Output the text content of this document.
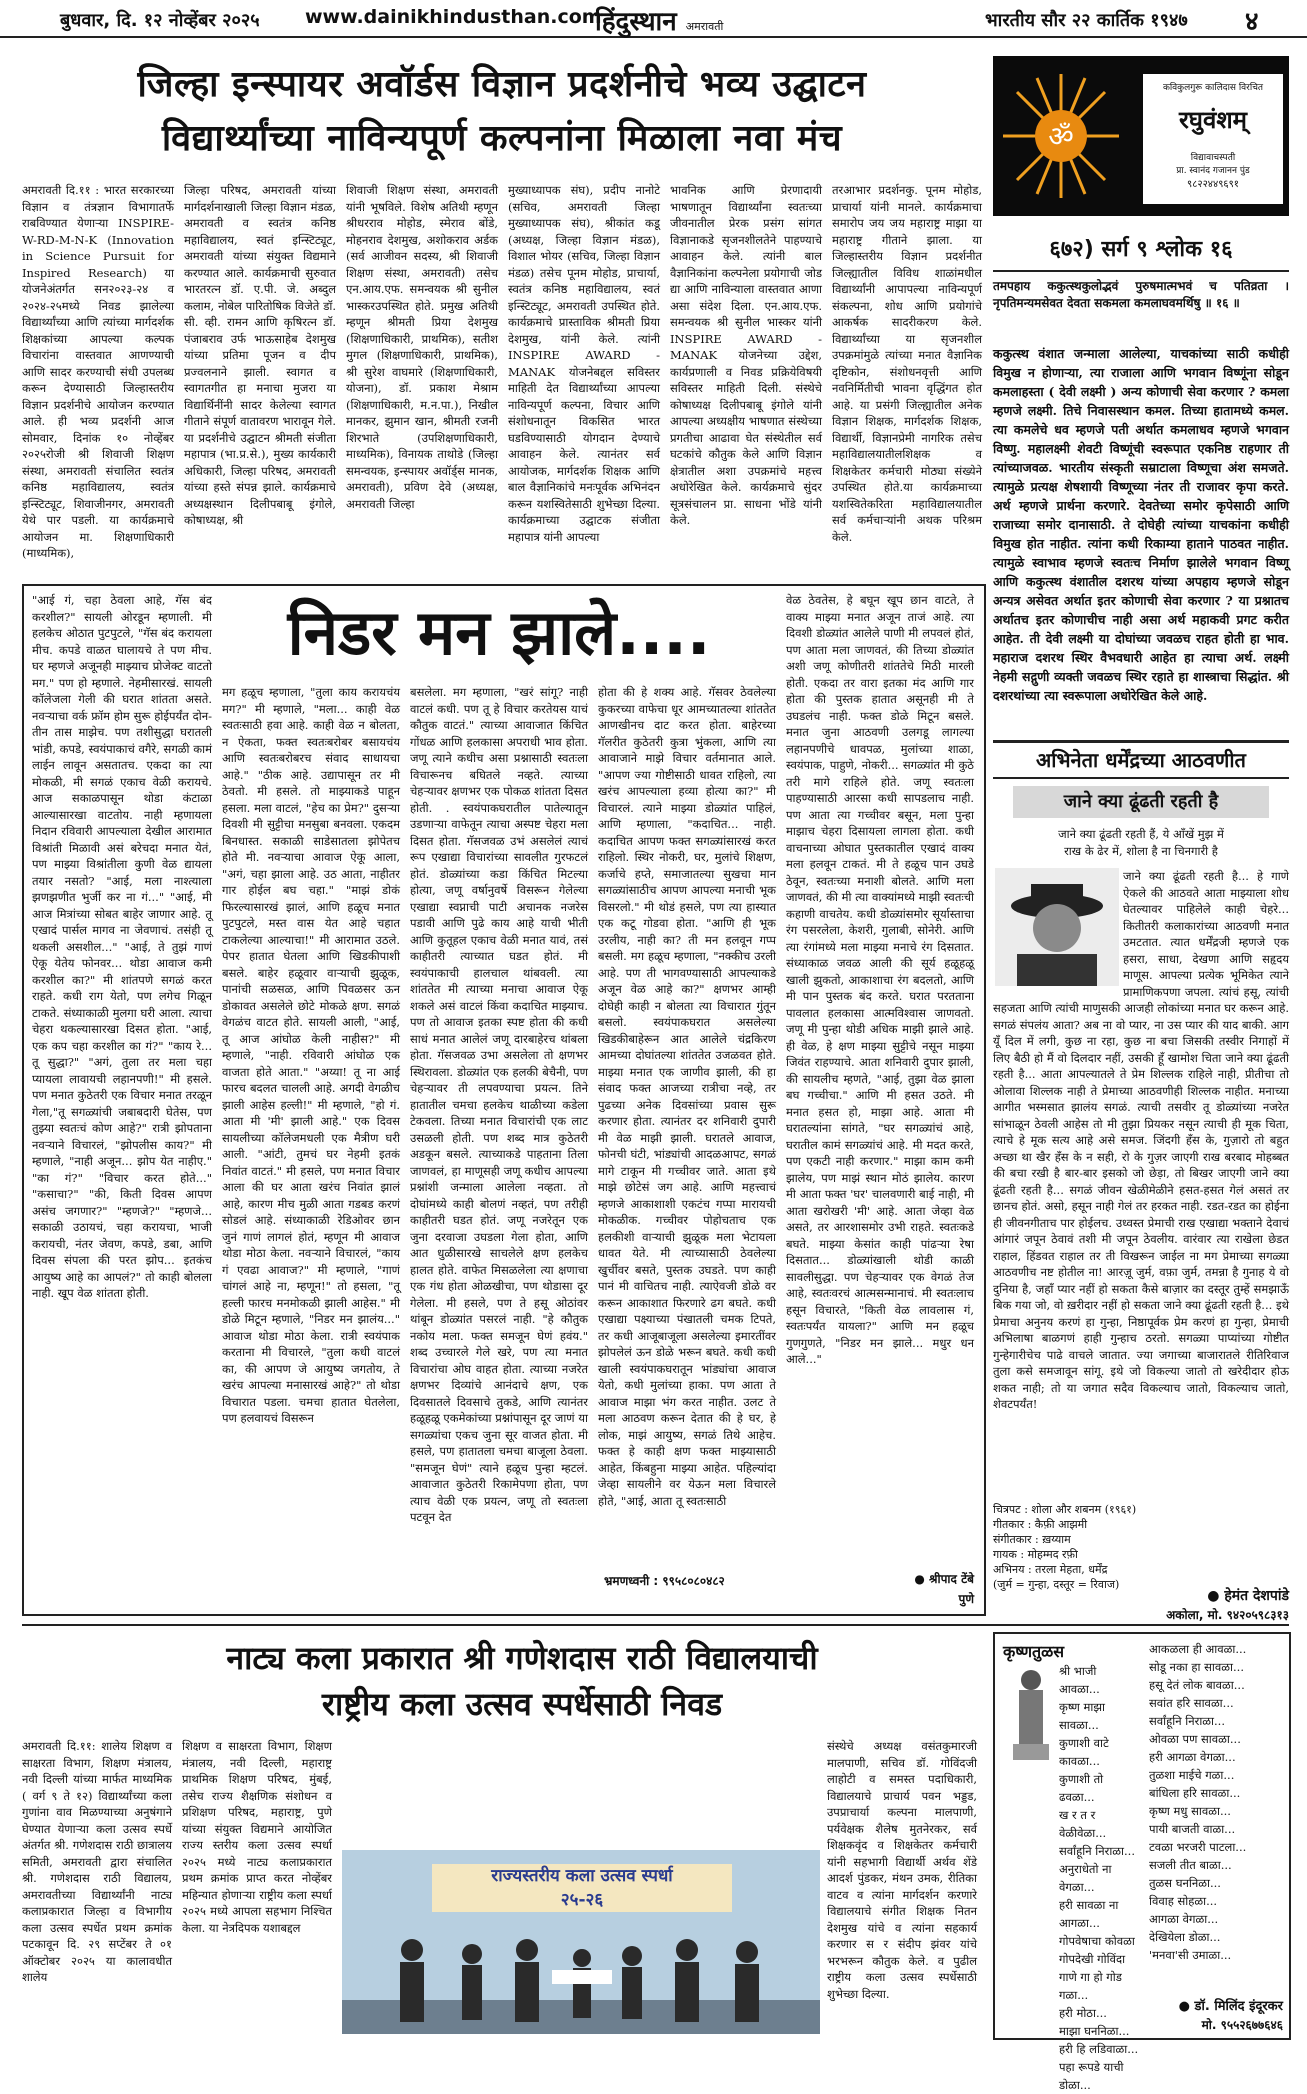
बुधवार, दि. १२ नोव्हेंबर २०२५ www.dainikhindusthan.com
हिंदुस्थान अमरावती	भारतीय सौर २२ कार्तिक १९४७ ४
जिल्हा इन्स्पायर अवॉर्डस विज्ञान प्रदर्शनीचे भव्य उद्घाटन
विद्यार्थ्यांच्या नाविन्यपूर्ण कल्पनांना मिळाला नवा मंच
अमरावती दि.११ : भारत सरकारच्या विज्ञान व तंत्रज्ञान विभागातर्फे राबविण्यात येणाऱ्या INSPIRE-W-RD-M-N-K (Innovation in Science Pursuit for Inspired Research) या योजनेअंतर्गत सन२०२३-२४ व २०२४-२५मध्ये निवड झालेल्या विद्यार्थ्यांच्या आणि त्यांच्या मार्गदर्शक शिक्षकांच्या आपल्या कल्पक विचारांना वास्तवात आणण्याची आणि सादर करण्याची संधी उपलब्ध करून देण्यासाठी जिल्हास्तरीय विज्ञान प्रदर्शनीचे आयोजन करण्यात आले. ही भव्य प्रदर्शनी आज सोमवार, दिनांक १० नोव्हेंबर २०२५रोजी श्री शिवाजी शिक्षण संस्था, अमरावती संचालित स्वतंत्र कनिष्ठ महाविद्यालय, स्वतंत्र इन्स्टिट्यूट, शिवाजीनगर, अमरावती येथे पार पडली. या कार्यक्रमाचे आयोजन मा. शिक्षणाधिकारी (माध्यमिक),
जिल्हा परिषद, अमरावती यांच्या मार्गदर्शनाखाली जिल्हा विज्ञान मंडळ, अमरावती व स्वतंत्र कनिष्ठ महाविद्यालय, स्वतं इन्स्टिट्यूट, अमरावती यांच्या संयुक्त विद्यमाने करण्यात आले. कार्यक्रमाची सुरुवात भारतरत्न डॉ. ए.पी. जे. अब्दुल कलाम, नोबेल पारितोषिक विजेते डॉ. सी. व्ही. रामन आणि कृषिरत्न डॉ. पंजाबराव उर्फ भाऊसाहेब देशमुख यांच्या प्रतिमा पूजन व दीप प्रज्वलनाने झाली. स्वागत व स्वागतगीत हा मनाचा मुजरा या विद्यार्थिनींनी सादर केलेल्या स्वागत गीताने संपूर्ण वातावरण भारावून गेले. या प्रदर्शनीचे उद्घाटन श्रीमती संजीता महापात्र (भा.प्र.से.), मुख्य कार्यकारी अधिकारी, जिल्हा परिषद, अमरावती यांच्या हस्ते संपन्न झाले. कार्यक्रमाचे अध्यक्षस्थान दिलीपबाबू इंगोले, कोषाध्यक्ष, श्री
शिवाजी शिक्षण संस्था, अमरावती यांनी भूषविले. विशेष अतिथी म्हणून श्रीधरराव मोहोड, स्मेराव बोंडे, मोहनराव देशमुख, अशोकराव अर्डक (सर्व आजीवन सदस्य, श्री शिवाजी शिक्षण संस्था, अमरावती) तसेच एन.आय.एफ. समन्वयक श्री सुनील भास्करउपस्थित होते. प्रमुख अतिथी म्हणून श्रीमती प्रिया देशमुख (शिक्षणाधिकारी, प्राथमिक), सतीश मुगल (शिक्षणाधिकारी, प्राथमिक), श्री सुरेश वाघमारे (शिक्षणाधिकारी, योजना), डॉ. प्रकाश मेश्राम (शिक्षणाधिकारी, म.न.पा.), निखील मानकर, झुमान खान, श्रीमती रजनी शिरभाते (उपशिक्षणाधिकारी, माध्यमिक), विनायक ताथोडे (जिल्हा समन्वयक, इन्स्पायर अवॉर्ड्स मानक, अमरावती), प्रविण देवे (अध्यक्ष, अमरावती जिल्हा
मुख्याध्यापक संघ), प्रदीप नानोटे (सचिव, अमरावती जिल्हा मुख्याध्यापक संघ), श्रीकांत कडू (अध्यक्ष, जिल्हा विज्ञान मंडळ), विशाल भोयर (सचिव, जिल्हा विज्ञान मंडळ) तसेच पूनम मोहोड, प्राचार्या, स्वतंत्र कनिष्ठ महाविद्यालय, स्वतं इन्स्टिट्यूट, अमरावती उपस्थित होते. कार्यक्रमाचे प्रास्ताविक श्रीमती प्रिया देशमुख, यांनी केले. त्यांनी INSPIRE AWARD - MANAK योजनेबद्दल सविस्तर माहिती देत विद्यार्थ्यांच्या आपल्या नाविन्यपूर्ण कल्पना, विचार आणि संशोधनातून विकसित भारत घडविण्यासाठी योगदान देण्याचे आवाहन केले. त्यानंतर सर्व आयोजक, मार्गदर्शक शिक्षक आणि बाल वैज्ञानिकांचे मनःपूर्वक अभिनंदन करून यशस्वितेसाठी शुभेच्छा दिल्या. कार्यक्रमाच्या उद्घाटक संजीता महापात्र यांनी आपल्या
भावनिक आणि प्रेरणादायी भाषणातून विद्यार्थ्यांना स्वतःच्या जीवनातील प्रेरक प्रसंग सांगत विज्ञानाकडे सृजनशीलतेने पाहण्याचे आवाहन केले. त्यांनी बाल वैज्ञानिकांना कल्पनेला प्रयोगाची जोड द्या आणि नाविन्याला वास्तवात आणा असा संदेश दिला. एन.आय.एफ. समन्वयक श्री सुनील भास्कर यांनी INSPIRE AWARD - MANAK योजनेच्या उद्देश, कार्यप्रणाली व निवड प्रक्रियेविषयी सविस्तर माहिती दिली. संस्थेचे कोषाध्यक्ष दिलीपबाबू इंगोले यांनी आपल्या अध्यक्षीय भाषणात संस्थेच्या प्रगतीचा आढावा घेत संस्थेतील सर्व घटकांचे कौतुक केले आणि विज्ञान क्षेत्रातील अशा उपक्रमांचे महत्त्व अधोरेखित केले. कार्यक्रमाचे सुंदर सूत्रसंचालन प्रा. साधना भोंडे यांनी केले.
तरआभार प्रदर्शनकु. पूनम मोहोड, प्राचार्या यांनी मानले. कार्यक्रमाचा समारोप जय जय महाराष्ट्र माझा या महाराष्ट्र गीताने झाला. या जिल्हास्तरीय विज्ञान प्रदर्शनीत जिल्ह्यातील विविध शाळांमधील विद्यार्थ्यांनी आपापल्या नाविन्यपूर्ण संकल्पना, शोध आणि प्रयोगांचे आकर्षक सादरीकरण केले. विद्यार्थ्यांच्या या सृजनशील उपक्रमांमुळे त्यांच्या मनात वैज्ञानिक दृष्टिकोन, संशोधनवृत्ती आणि नवनिर्मितीची भावना वृद्धिंगत होत आहे. या प्रसंगी जिल्ह्यातील अनेक विज्ञान शिक्षक, मार्गदर्शक शिक्षक, विद्यार्थी, विज्ञानप्रेमी नागरिक तसेच महाविद्यालयातीलशिक्षक व शिक्षकेतर कर्मचारी मोठ्या संख्येने उपस्थित होते.या कार्यक्रमाच्या यशस्वितेकरिता महाविद्यालयातील सर्व कर्मचाऱ्यांनी अथक परिश्रम केले.
ॐ
कविकुलगुरू कालिदास विरचित
रघुवंशम्
विद्यावाचस्पती
प्रा. स्वानंद गजानन पुंड
९८२२४४९६९१
६७२) सर्ग ९ श्लोक १६
तमपहाय ककुत्स्थकुलोद्भवं पुरुषमात्मभवं च पतिव्रता । नृपतिमन्यमसेवत देवता सकमला कमलाघवमर्थिषु ॥ १६ ॥
ककुत्स्थ वंशात जन्माला आलेल्या, याचकांच्या साठी कधीही विमुख न होणाऱ्या, त्या राजाला आणि भगवान विष्णूंना सोडून कमलाहस्ता ( देवी लक्ष्मी ) अन्य कोणाची सेवा करणार ? कमला म्हणजे लक्ष्मी. तिचे निवासस्थान कमल. तिच्या हातामध्ये कमल. त्या कमलेचे धव म्हणजे पती अर्थात कमलाधव म्हणजे भगवान विष्णु. महालक्ष्मी शेवटी विष्णूंची स्वरूपात एकनिष्ठ राहणार ती त्यांच्याजवळ. भारतीय संस्कृती सम्राटाला विष्णूचा अंश समजते. त्यामुळे प्रत्यक्ष शेषशायी विष्णूच्या नंतर ती राजावर कृपा करते. अर्थ म्हणजे प्रार्थना करणारे. देवतेच्या समोर कृपेसाठी आणि राजाच्या समोर दानासाठी. ते दोघेही त्यांच्या याचकांना कधीही विमुख होत नाहीत. त्यांना कधी रिकाम्या हाताने पाठवत नाहीत. त्यामुळे स्वाभाव म्हणजे स्वतःच निर्माण झालेले भगवान विष्णू आणि ककुत्स्थ वंशातील दशरथ यांच्या अपहाय म्हणजे सोडून अन्यत्र असेवत अर्थात इतर कोणाची सेवा करणार ? या प्रश्नातच अर्थातच इतर कोणाचीच नाही असा अर्थ महाकवी प्रगट करीत आहेत. ती देवी लक्ष्मी या दोघांच्या जवळच राहत होती हा भाव. महाराज दशरथ स्थिर वैभवधारी आहेत हा त्याचा अर्थ. लक्ष्मी नेहमी सद्गुणी व्यक्ती जवळच स्थिर रहाते हा शास्त्राचा सिद्धांत. श्री दशरथांच्या त्या स्वरूपाला अधोरेखित केले आहे.
निडर मन झाले....
"आई गं, चहा ठेवला आहे, गॅस बंद करशील?" सायली ओरडून म्हणाली. मी हलकेच ओठात पुटपुटले, "गॅस बंद करायला मीच. कपडे वाळत घालायचे ते पण मीच. घर म्हणजे अजूनही माझ्याच प्रोजेक्ट वाटतो मग." पण हो म्हणाले. नेहमीसारखं. सायली कॉलेजला गेली की घरात शांतता असते. नवऱ्याचा वर्क फ्रॉम होम सुरू होईपर्यंत दोन-तीन तास माझेच. पण तशीसुद्धा घरातली भांडी, कपडे, स्वयंपाकाचं वगैरे, सगळी कामं लाईन लावून असतातच. एकदा का त्या मोकळी, मी सगळं एकाच वेळी करायचे. आज सकाळपासून थोडा कंटाळा आल्यासारखा वाटतोय. नाही म्हणायला निदान रविवारी आपल्याला देखील आरामात विश्रांती मिळावी असं बरेचदा मनात येतं, पण माझ्या विश्रांतीला कुणी वेळ द्यायला तयार नसतो? "आई, मला नाश्त्याला झणझणीत भुर्जी कर ना गं..." "आई, मी आज मित्रांच्या सोबत बाहेर जाणार आहे. तू एखादं पार्सल मागव ना जेवणाचं. तसंही तू थकली असशील..." "आई, ते तुझं गाणं ऐकू येतेय फोनवर... थोडा आवाज कमी करशील का?" मी शांतपणे सगळं करत राहते. कधी राग येतो, पण लगेच गिळून टाकते. संध्याकाळी मुलगा घरी आला. त्याचा चेहरा थकल्यासारखा दिसत होता. "आई, एक कप चहा करशील का गं?" "काय रे... तू सुद्धा?" "अगं, तुला तर मला चहा प्यायला लावायची लहानपणी!" मी हसले. पण मनात कुठेतरी एक विचार मनात तरळून गेला,"तू सगळ्यांची जबाबदारी घेतेस, पण तुझ्या स्वतःचं कोण आहे?" रात्री झोपताना नवऱ्याने विचारलं, "झोपलीस काय?" मी म्हणाले, "नाही अजून... झोप येत नाहीए." "का गं?" "विचार करत होते..." "कसाचा?" "की, किती दिवस आपण असंच जगणार?" "म्हणजे?" "म्हणजे... सकाळी उठायचं, चहा करायचा, भाजी करायची, नंतर जेवण, कपडे, डबा, आणि दिवस संपला की परत झोप... इतकंच आयुष्य आहे का आपलं?" तो काही बोलला नाही. खूप वेळ शांतता होती.
मग हळूच म्हणाला, "तुला काय करायचंय मग?" मी म्हणाले, "मला... काही वेळ स्वतःसाठी हवा आहे. काही वेळ न बोलता, न ऐकता, फक्त स्वतःबरोबर बसायचंय आणि स्वतःबरोबरच संवाद साधायचा आहे." "ठीक आहे. उद्यापासून तर मी ठेवतो. मी हसले. तो माझ्याकडे पाहून हसला. मला वाटलं, "हेच का प्रेम?" दुसऱ्या दिवशी मी सुट्टीचा मनसुबा बनवला. एकदम बिनधास्त. सकाळी साडेसातला झोपेतच होते मी. नवऱ्याचा आवाज ऐकू आला, "अगं, चहा झाला आहे. उठ आता, नाहीतर गार होईल बघ चहा." "माझं डोकं फिरल्यासारखं झालं, आणि हळूच मनात पुटपुटले, मस्त वास येत आहे चहात टाकलेल्या आल्याचा!" मी आरामात उठले. पेपर हातात घेतला आणि खिडकीपाशी बसले. बाहेर हळूवार वाऱ्याची झुळूक, पानांची सळसळ, आणि पिवळसर ऊन डोकावत असलेले छोटे मोकळे क्षण. सगळं वेगळंच वाटत होते. सायली आली, "आई, तू आज आंघोळ केली नाहीस?" मी म्हणाले, "नाही. रविवारी आंघोळ एक वाजता होते आता." "अय्या! तू ना आई फारच बदलत चालली आहे. अगदी वेगळीच झाली आहेस हल्ली!" मी म्हणाले, "हो गं. आता मी 'मी' झाली आहे." एक दिवस सायलीच्या कॉलेजमधली एक मैत्रीण घरी आली. "आंटी, तुमचं घर नेहमी इतकं निवांत वाटतं." मी हसले, पण मनात विचार आला की घर आता खरंच निवांत झालं आहे, कारण मीच मुळी आता गडबड करणं सोडलं आहे. संध्याकाळी रेडिओवर छान जुनं गाणं लागलं होतं, म्हणून मी आवाज थोडा मोठा केला. नवऱ्याने विचारलं, "काय गं एवढा आवाज?" मी म्हणाले, "गाणं चांगलं आहे ना, म्हणून!" तो हसला, "तू हल्ली फारच मनमोकळी झाली आहेस." मी डोळे मिटून म्हणाले, "निडर मन झालंय..." आवाज थोडा मोठा केला. रात्री स्वयंपाक करताना मी विचारले, "तुला कधी वाटलं का, की आपण जे आयुष्य जगतोय, ते खरंच आपल्या मनासारखं आहे?" तो थोडा विचारात पडला. चमचा हातात घेतलेला, पण हलवायचं विसरून
बसलेला. मग म्हणाला, "खरं सांगू? नाही वाटलं कधी. पण तू हे विचार करतेयस याचं कौतुक वाटतं." त्याच्या आवाजात किंचित गोंधळ आणि हलकासा अपराधी भाव होता. जणू त्याने कधीच असा प्रश्नासाठी स्वतःला विचारूनच बघितले नव्हते. त्याच्या चेहऱ्यावर क्षणभर एक पोकळ शांतता दिसत होती. . स्वयंपाकघरातील पातेल्यातून उडणाऱ्या वाफेतून त्याचा अस्पष्ट चेहरा मला दिसत होता. गॅसजवळ उभं असलेलं त्याचं रूप एखाद्या विचारांच्या सावलीत गुरफटलं होतं. डोळ्यांच्या कडा किंचित मिटल्या होत्या, जणू वर्षानुवर्षे विसरून गेलेल्या एखाद्या स्वप्नाची पाटी अचानक नजरेस पडावी आणि पुढे काय आहे याची भीती आणि कुतूहल एकाच वेळी मनात यावं, तसं काहीतरी त्याच्यात घडत होतं. मी स्वयंपाकाची हालचाल थांबवली. त्या शांततेत मी त्याच्या मनाचा आवाज ऐकू शकले असं वाटलं किंवा कदाचित माझ्याच. पण तो आवाज इतका स्पष्ट होता की कधी साधं मनात आलेलं जणू दारबाहेरच थांबला होता. गॅसजवळ उभा असलेला तो क्षणभर स्थिरावला. डोळ्यांत एक हलकी बेचैनी, पण चेहऱ्यावर ती लपवण्याचा प्रयत्न. तिने हातातील चमचा हलकेच थाळीच्या कडेला टेकवला. तिच्या मनात विचारांची एक लाट उसळली होती. पण शब्द मात्र कुठेतरी अडकून बसले. त्याच्याकडे पाहताना तिला जाणवलं, हा माणूसही जणू कधीच आपल्या प्रश्नांशी जन्माला आलेला नव्हता. तो दोघांमध्ये काही बोलणं नव्हतं, पण तरीही काहीतरी घडत होतं. जणू नजरेतून एक जुना दरवाजा उघडला गेला होता, आणि आत धुळीसारखे साचलेले क्षण हलकेच हालत होते. वाफेत मिसळलेला त्या क्षणाचा एक गंध होता ओळखीचा, पण थोडासा दूर गेलेला. मी हसले, पण ते हसू ओठांवर थांबून डोळ्यांत पसरलं नाही. "हे कौतुक नकोय मला. फक्त समजून घेणं हवंय." शब्द उच्चारले गेले खरे, पण त्या मनात विचारांचा ओघ वाहत होता. त्याच्या नजरेत क्षणभर दिव्यांचे आनंदाचे क्षण, एक दिवसातले दिवसाचे तुकडे, आणि त्यानंतर हळूहळू एकमेकांच्या प्रश्नांपासून दूर जाणं या सगळ्यांचा एकच जुना सूर वाजत होता. मी हसले, पण हातातला चमचा बाजूला ठेवला. "समजून घेणं" त्याने हळूच पुन्हा म्हटलं. आवाजात कुठेतरी रिकामेपणा होता, पण त्याच वेळी एक प्रयत्न, जणू तो स्वतःला पटवून देत
होता की हे शक्य आहे. गॅसवर ठेवलेल्या कुकरच्या वाफेचा धूर आमच्यातल्या शांततेत आणखीनच दाट करत होता. बाहेरच्या गॅलरीत कुठेतरी कुत्रा भुंकला, आणि त्या आवाजाने माझे विचार वर्तमानात आले. "आपण ज्या गोष्टीसाठी धावत राहिलो, त्या खरंच आपल्याला हव्या होत्या का?" मी विचारलं. त्याने माझ्या डोळ्यांत पाहिलं, आणि म्हणाला, "कदाचित... नाही. कदाचित आपण फक्त सगळ्यांसारखं करत राहिलो. स्थिर नोकरी, घर, मुलांचे शिक्षण, कर्जाचे हप्ते, समाजातल्या सुखचा मान सगळ्यांसाठीच आपण आपल्या मनाची भूक विसरलो." मी थोडं हसले, पण त्या हास्यात एक कटू गोडवा होता. "आणि ही भूक उरलीय, नाही का? ती मन हलवून गप्प बसली. मग हळूच म्हणाला, "नक्कीच उरली आहे. पण ती भागवण्यासाठी आपल्याकडे अजून वेळ आहे का?" क्षणभर आम्ही दोघेही काही न बोलता त्या विचारात गुंतून बसलो. स्वयंपाकघरात असलेल्या खिडकीबाहेरून आत आलेले चंद्रकिरण आमच्या दोघांतल्या शांततेत उजळवत होते. माझ्या मनात एक जाणीव झाली, की हा संवाद फक्त आजच्या रात्रीचा नव्हे, तर पुढच्या अनेक दिवसांच्या प्रवास सुरू करणार होता. त्यानंतर दर शनिवारी दुपारी मी वेळ माझी झाली. घरातले आवाज, फोनची घंटी, भांड्यांची आदळआपट, सगळं मागे टाकून मी गच्चीवर जाते. आता इथे माझे छोटेसं जग आहे. आणि महत्त्वाचं म्हणजे आकाशाशी एकटंच गप्पा मारायची मोकळीक. गच्चीवर पोहोचताच एक हलकीशी वाऱ्याची झुळूक मला भेटायला धावत येते. मी त्याच्यासाठी ठेवलेल्या खुर्चीवर बसते, पुस्तक उघडते. पण काही पानं मी वाचितच नाही. त्याऐवजी डोळे वर करून आकाशात फिरणारे ढग बघते. कधी एखाद्या पक्ष्याच्या पंखातली चमक टिपते, तर कधी आजूबाजूला असलेल्या इमारतींवर झोपलेलं ऊन डोळे भरून बघते. कधी कधी खाली स्वयंपाकघरातून भांड्यांचा आवाज येतो, कधी मुलांच्या हाका. पण आता ते आवाज माझा भंग करत नाहीत. उलट ते मला आठवण करून देतात की हे घर, हे लोक, माझं आयुष्य, सगळं तिथे आहेच. फक्त हे काही क्षण फक्त माझ्यासाठी आहेत, किंबहुना माझ्या आहेत. पहिल्यांदा जेव्हा सायलीने वर येऊन मला विचारले होते, "आई, आता तू स्वतःसाठी
वेळ ठेवतेस, हे बघून खूप छान वाटते, ते वाक्य माझ्या मनात अजून ताजं आहे. त्या दिवशी डोळ्यांत आलेले पाणी मी लपवलं होतं, पण आता मला जाणवतं, की तिच्या डोळ्यांत अशी जणू कोणीतरी शांततेचे मिठी मारली होती. एकदा तर वारा इतका मंद आणि गार होता की पुस्तक हातात असूनही मी ते उघडलंच नाही. फक्त डोळे मिटून बसले. मनात जुना आठवणी उलगडू लागल्या लहानपणीचे धावपळ, मुलांच्या शाळा, स्वयंपाक, पाहुणे, नोकरी... सगळ्यांत मी कुठे तरी मागे राहिले होते. जणू स्वतःला पाहण्यासाठी आरसा कधी सापडलाच नाही. पण आता त्या गच्चीवर बसून, मला पुन्हा माझाच चेहरा दिसायला लागला होता. कधी वाचनाच्या ओघात पुस्तकातील एखादं वाक्य मला हलवून टाकतं. मी ते हळूच पान उघडे ठेवून, स्वतःच्या मनाशी बोलते. आणि मला जाणवतं, की मी त्या वाक्यांमध्ये माझी स्वतःची कहाणी वाचतेय. कधी डोळ्यांसमोर सूर्यास्ताचा रंग पसरलेला, केशरी, गुलाबी, सोनेरी. आणि त्या रंगांमध्ये मला माझ्या मनाचे रंग दिसतात. संध्याकाळ जवळ आली की सूर्य हळूहळू खाली झुकतो, आकाशाचा रंग बदलतो, आणि मी पान पुस्तक बंद करते. घरात परतताना पावलात हलकासा आत्मविश्वास जाणवतो. जणू मी पुन्हा थोडी अधिक माझी झाले आहे. ही वेळ, हे क्षण माझ्या सुट्टीचे नसून माझ्या जिवंत राहण्याचे. आता शनिवारी दुपार झाली, की सायलीच म्हणते, "आई, तुझा वेळ झाला बघ गच्चीचा." आणि मी हसत उठते. मी मनात हसत हो, माझा आहे. आता मी घरातल्यांना सांगते, "घर सगळ्यांचं आहे, घरातील कामं सगळ्यांचं आहे. मी मदत करते, पण एकटी नाही करणार." माझा काम कमी झालेय, पण माझं स्थान मोठं झालेय. कारण मी आता फक्त 'घर' चालवणारी बाई नाही, मी आता खरोखरी 'मी' आहे. आता जेव्हा वेळ असते, तर आरशासमोर उभी राहते. स्वतःकडे बघते. माझ्या केसांत काही पांढऱ्या रेषा दिसतात... डोळ्यांखाली थोडी काळी सावलीसुद्धा. पण चेहऱ्यावर एक वेगळं तेज आहे, स्वतःवरचं आत्मसन्मानाचं. मी स्वतःलाच हसून विचारते, "किती वेळ लावलास गं, स्वतःपर्यंत यायला?" आणि मन हळूच गुणगुणते, "निडर मन झाले... मधुर धन आले..."
भ्रमणध्वनी : ९९५८०८०४८२	● श्रीपाद टेंबे
पुणे
अभिनेता धर्मेंद्रच्या आठवणीत
जाने क्या ढूंढती रहती है
जाने क्या ढूंढती रहती हैं, ये आँखें मुझ में
राख के ढेर में, शोला है ना चिनगारी है
जाने क्या ढूंढती रहती है... हे गाणे ऐकले की आठवते आता माझ्याला शोध घेतल्यावर पाहिलेले काही चेहरे... कितीतरी कलाकारांच्या आठवणी मनात उमटतात. त्यात धर्मेंद्रजी म्हणजे एक हसरा, साधा, देखणा आणि सहृदय माणूस. आपल्या प्रत्येक भूमिकेत त्याने प्रामाणिकपणा जपला. त्यांचं हसू, त्यांची सहजता आणि त्यांची माणुसकी आजही लोकांच्या मनात घर करून आहे. सगळं संपलंय आता? अब ना वो प्यार, ना उस प्यार की याद बाकी. आग यूँ दिल में लगी, कुछ ना रहा, कुछ ना बचा जिसकी तस्वीर निगाहों में लिए बैठी हो मैं वो दिलदार नहीं, उसकी हूँ खामोश चिता जाने क्या ढूंढती रहती है... आता आपल्यातले ते प्रेम शिल्लक राहिले नाही, प्रीतीचा तो ओलावा शिल्लक नाही ते प्रेमाच्या आठवणीही शिल्लक नाहीत. मनाच्या आगीत भस्मसात झालंय सगळं. त्याची तसवीर तू डोळ्यांच्या नजरेत सांभाळून ठेवली आहेस तो मी तुझा प्रियकर नसून त्याची ही मूक चिता, त्याचे हे मूक सत्य आहे असे समज. जिंदगी हँस के, गुज़ारो तो बहुत अच्छा था खैर हँस के न सही, रो के गुज़र जाएगी राख बरबाद मोहब्बत की बचा रखी है बार-बार इसको जो छेड़ा, तो बिखर जाएगी जाने क्या ढूंढती रहती है... सगळं जीवन खेळीमेळीने हसत-हसत गेलं असतं तर छानच होतं. असो, हसून नाही गेलं तर हरकत नाही. रडत-रडत का होईना ही जीवनगीताच पार होईलच. उध्वस्त प्रेमाची राख एखाद्या भक्ताने देवाचं आंगारं जपून ठेवावं तशी मी जपून ठेवलीय. वारंवार त्या राखेला छेडत राहाल, हिंडवत राहाल तर ती विखरून जाईल ना मग प्रेमाच्या सगळ्या आठवणीच नष्ट होतील ना! आरज़ू जुर्म, वफ़ा जुर्म, तमन्ना है गुनाह ये वो दुनिया है, जहाँ प्यार नहीं हो सकता कैसे बाज़ार का दस्तूर तुम्हें समझाऊँ बिक गया जो, वो ख़रीदार नहीं हो सकता जाने क्या ढूंढती रहती है... इथे प्रेमाचा अनुनय करणं हा गुन्हा, निष्ठापूर्वक प्रेम करणं हा गुन्हा, प्रेमाची अभिलाषा बाळगणं हाही गुन्हाच ठरतो. सगळ्या पाप्यांच्या गोष्टीत गुन्हेगारीचेच पाढे वाचले जातात. ज्या जगाच्या बाजारातले रीतिरिवाज तुला कसे समजावून सांगू. इथे जो विकल्या जातो तो खरेदीदार होऊ शकत नाही; तो या जगात सदैव विकल्याच जातो, विकल्याच जातो, शेवटपर्यंत!
चित्रपट : शोला और शबनम (१९६१)
गीतकार : कैफ़ी आझमी
संगीतकार : ख़य्याम
गायक : मोहम्मद रफ़ी
अभिनय : तरला मेहता, धर्मेंद्र
(जुर्म = गुन्हा, दस्तूर = रिवाज)
● हेमंत देशपांडे
अकोला, मो. ९४२०५९८३१३
नाट्य कला प्रकारात श्री गणेशदास राठी विद्यालयाची
राष्ट्रीय कला उत्सव स्पर्धेसाठी निवड
अमरावती दि.११: शालेय शिक्षण व साक्षरता विभाग, शिक्षण मंत्रालय, नवी दिल्ली यांच्या मार्फत माध्यमिक ( वर्ग ९ ते १२) विद्यार्थ्यांच्या कला गुणांना वाव मिळण्याच्या अनुषंगाने घेण्यात येणाऱ्या कला उत्सव स्पर्धे अंतर्गत श्री. गणेशदास राठी छात्रालय समिती, अमरावती द्वारा संचालित श्री. गणेशदास राठी विद्यालय, अमरावतीच्या विद्यार्थ्यांनी नाट्य कलाप्रकारात जिल्हा व विभागीय कला उत्सव स्पर्धेत प्रथम क्रमांक पटकावून दि. २९ सप्टेंबर ते ०१ ऑक्टोबर २०२५ या कालावधीत शालेय
शिक्षण व साक्षरता विभाग, शिक्षण मंत्रालय, नवी दिल्ली, महाराष्ट्र प्राथमिक शिक्षण परिषद, मुंबई, तसेच राज्य शैक्षणिक संशोधन व प्रशिक्षण परिषद, महाराष्ट्र, पुणे यांच्या संयुक्त विद्यमाने आयोजित राज्य स्तरीय कला उत्सव स्पर्धा २०२५ मध्ये नाट्य कलाप्रकारात प्रथम क्रमांक प्राप्त करत नोव्हेंबर महिन्यात होणाऱ्या राष्ट्रीय कला स्पर्धा २०२५ मध्ये आपला सहभाग निश्चित केला. या नेत्रदिपक यशाबद्दल
संस्थेचे अध्यक्ष वसंतकुमारजी मालपाणी, सचिव डॉ. गोविंदजी लाहोटी व समस्त पदाधिकारी, विद्यालयाचे प्राचार्य पवन भड्डड, उपप्राचार्या कल्पना मालपाणी, पर्यवेक्षक शैलेष मुतनेरकर, सर्व शिक्षकवृंद व शिक्षकेतर कर्मचारी यांनी सहभागी विद्यार्थी अर्थव शेंडे आदर्श पुंडकर, मंथन उमक, रीतिका वाटव व त्यांना मार्गदर्शन करणारे विद्यालयाचे संगीत शिक्षक नितन देशमुख यांचे व त्यांना सहकार्य करणार स र संदीप झंवर यांचे भरभरून कौतुक केले. व पुढील राष्ट्रीय कला उत्सव स्पर्धेसाठी शुभेच्छा दिल्या.
राज्यस्तरीय कला उत्सव स्पर्धा
२५-२६
कृष्णतुळस
श्री भाजी
आवळा...
कृष्ण माझा
सावळा...
कुणाशी वाटे
कावळा...
कुणाशी तो
ढवळा...
ख र त र
वेळीवेळा...
सर्वांहूनि निराळा...
अनुराधेतो ना वेगळा...
हरी सावळा ना आगळा...
गोपवेषाचा कोवळा
गोपदेखी गोविंदा
गाणे गा हो गोड गळा...
हरी मोठा...
माझा घननिळा...
हरी हि लडिवाळा...
पहा रूपडे याची डोळा...
आकळला ही आवळा...
सोडू नका हा सावळा...
हसू देतं लोक बावळा...
सवांत हरि सावळा...
सर्वांहूनि निराळा...
ओवळा पण सावळा...
हरी आगळा वेगळा...
तुळशा माईचे गळा...
बांधिला हरि सावळा...
कृष्ण मधु सावळा...
पायी बाजती वाळा...
टवळा भरजरी पाटला...
सजली तीत बाळा...
तुळस घननिळा...
विवाह सोहळा...
आगळा वेगळा...
देखियेला डोळा...
'मनवा'सी उमाळा...
● डॉ. मिलिंद इंदूरकर
मो. ९५५२६७७६४६
